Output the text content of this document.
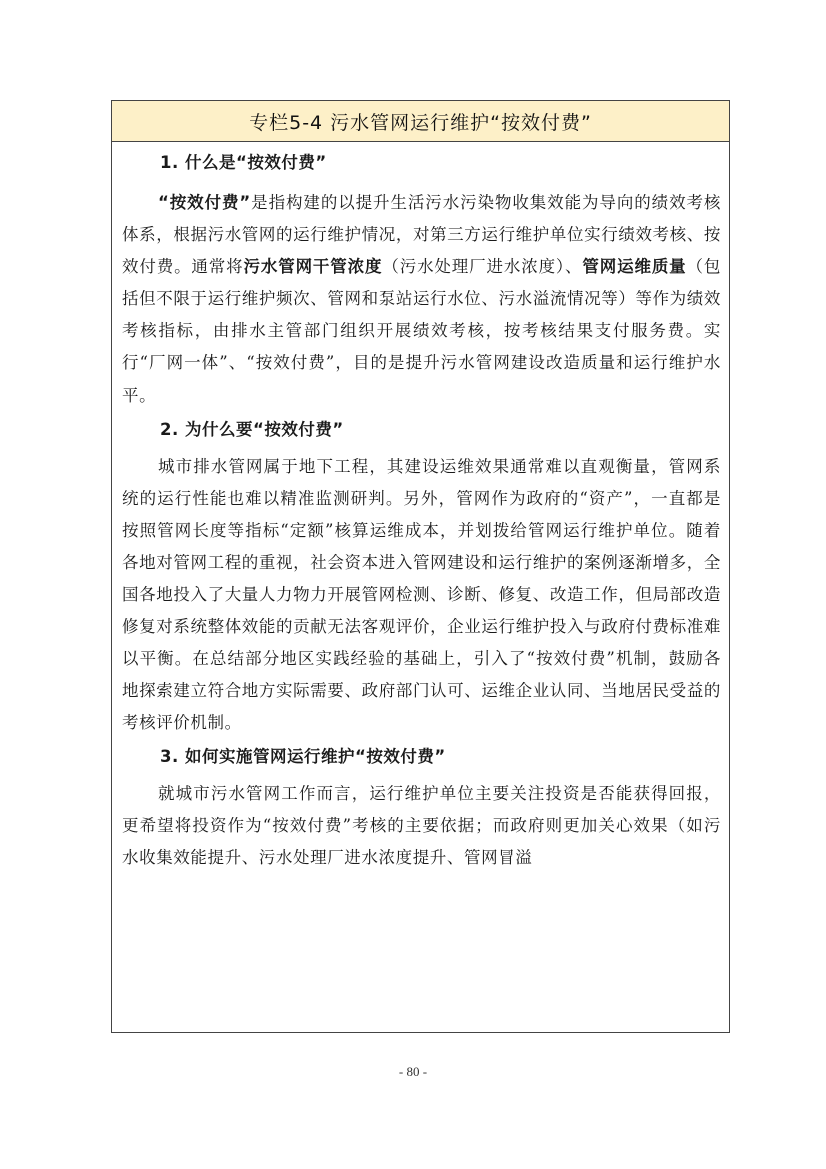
专栏5-4 污水管网运行维护“按效付费”

1. 什么是“按效付费”

“按效付费”是指构建的以提升生活污水污染物收集效能为导向的绩效考核体系，根据污水管网的运行维护情况，对第三方运行维护单位实行绩效考核、按效付费。通常将污水管网干管浓度（污水处理厂进水浓度）、管网运维质量（包括但不限于运行维护频次、管网和泵站运行水位、污水溢流情况等）等作为绩效考核指标，由排水主管部门组织开展绩效考核，按考核结果支付服务费。实行“厂网一体”、“按效付费”，目的是提升污水管网建设改造质量和运行维护水平。

2. 为什么要“按效付费”

城市排水管网属于地下工程，其建设运维效果通常难以直观衡量，管网系统的运行性能也难以精准监测研判。另外，管网作为政府的“资产”，一直都是按照管网长度等指标“定额”核算运维成本，并划拨给管网运行维护单位。随着各地对管网工程的重视，社会资本进入管网建设和运行维护的案例逐渐增多，全国各地投入了大量人力物力开展管网检测、诊断、修复、改造工作，但局部改造修复对系统整体效能的贡献无法客观评价，企业运行维护投入与政府付费标准难以平衡。在总结部分地区实践经验的基础上，引入了“按效付费”机制，鼓励各地探索建立符合地方实际需要、政府部门认可、运维企业认同、当地居民受益的考核评价机制。

3. 如何实施管网运行维护“按效付费”

就城市污水管网工作而言，运行维护单位主要关注投资是否能获得回报，更希望将投资作为“按效付费”考核的主要依据；而政府则更加关心效果（如污水收集效能提升、污水处理厂进水浓度提升、管网冒溢

- 80 -
